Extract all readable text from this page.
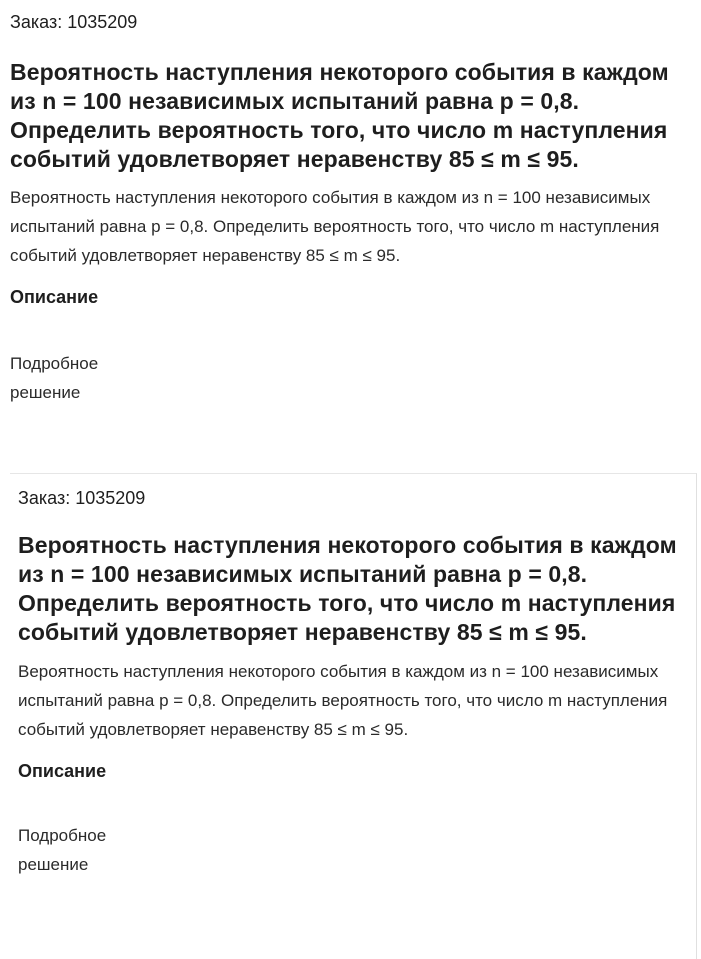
Заказ: 1035209
Вероятность наступления некоторого события в каждом из n = 100 независимых испытаний равна p = 0,8. Определить вероятность того, что число m наступления событий удовлетворяет неравенству 85 ≤ m ≤ 95.
Вероятность наступления некоторого события в каждом из n = 100 независимых испытаний равна p = 0,8. Определить вероятность того, что число m наступления событий удовлетворяет неравенству 85 ≤ m ≤ 95.
Описание
Подробное решение
Заказ: 1035209
Вероятность наступления некоторого события в каждом из n = 100 независимых испытаний равна p = 0,8. Определить вероятность того, что число m наступления событий удовлетворяет неравенству 85 ≤ m ≤ 95.
Вероятность наступления некоторого события в каждом из n = 100 независимых испытаний равна p = 0,8. Определить вероятность того, что число m наступления событий удовлетворяет неравенству 85 ≤ m ≤ 95.
Описание
Подробное решение
